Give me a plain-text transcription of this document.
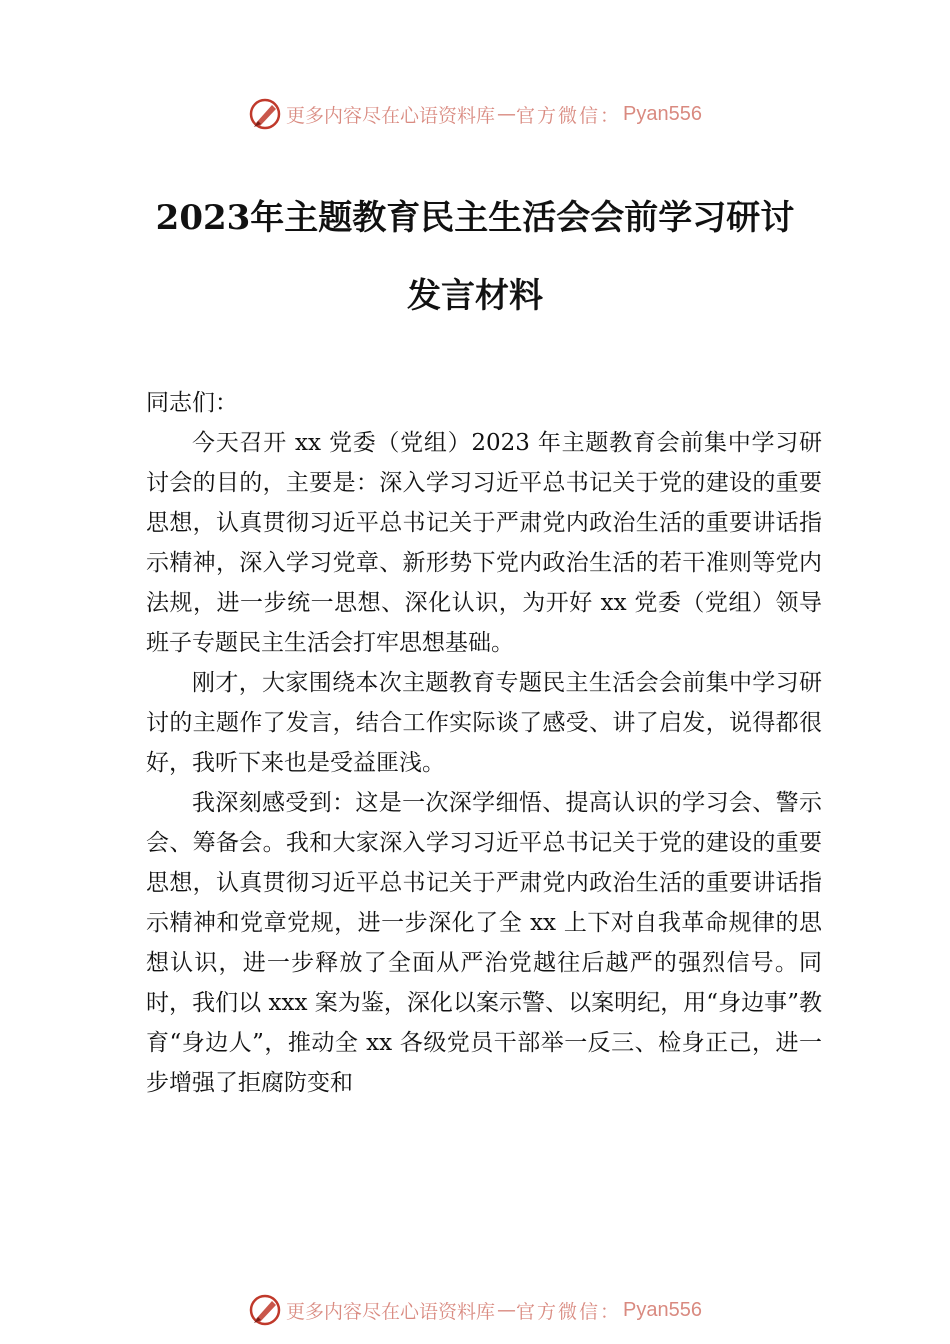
更多内容尽在心语资料库 — 官方微信： Pyan556
2023年主题教育民主生活会会前学习研讨
发言材料

同志们：

今天召开 xx 党委（党组）2023 年主题教育会前集中学习研讨会的目的，主要是：深入学习习近平总书记关于党的建设的重要思想，认真贯彻习近平总书记关于严肃党内政治生活的重要讲话指示精神，深入学习党章、新形势下党内政治生活的若干准则等党内法规，进一步统一思想、深化认识，为开好 xx 党委（党组）领导班子专题民主生活会打牢思想基础。

刚才，大家围绕本次主题教育专题民主生活会会前集中学习研讨的主题作了发言，结合工作实际谈了感受、讲了启发，说得都很好，我听下来也是受益匪浅。

我深刻感受到：这是一次深学细悟、提高认识的学习会、警示会、筹备会。我和大家深入学习习近平总书记关于党的建设的重要思想，认真贯彻习近平总书记关于严肃党内政治生活的重要讲话指示精神和党章党规，进一步深化了全 xx 上下对自我革命规律的思想认识，进一步释放了全面从严治党越往后越严的强烈信号。同时，我们以 xxx 案为鉴，深化以案示警、以案明纪，用“身边事”教育“身边人”，推动全 xx 各级党员干部举一反三、检身正己，进一步增强了拒腐防变和

更多内容尽在心语资料库 — 官方微信： Pyan556
